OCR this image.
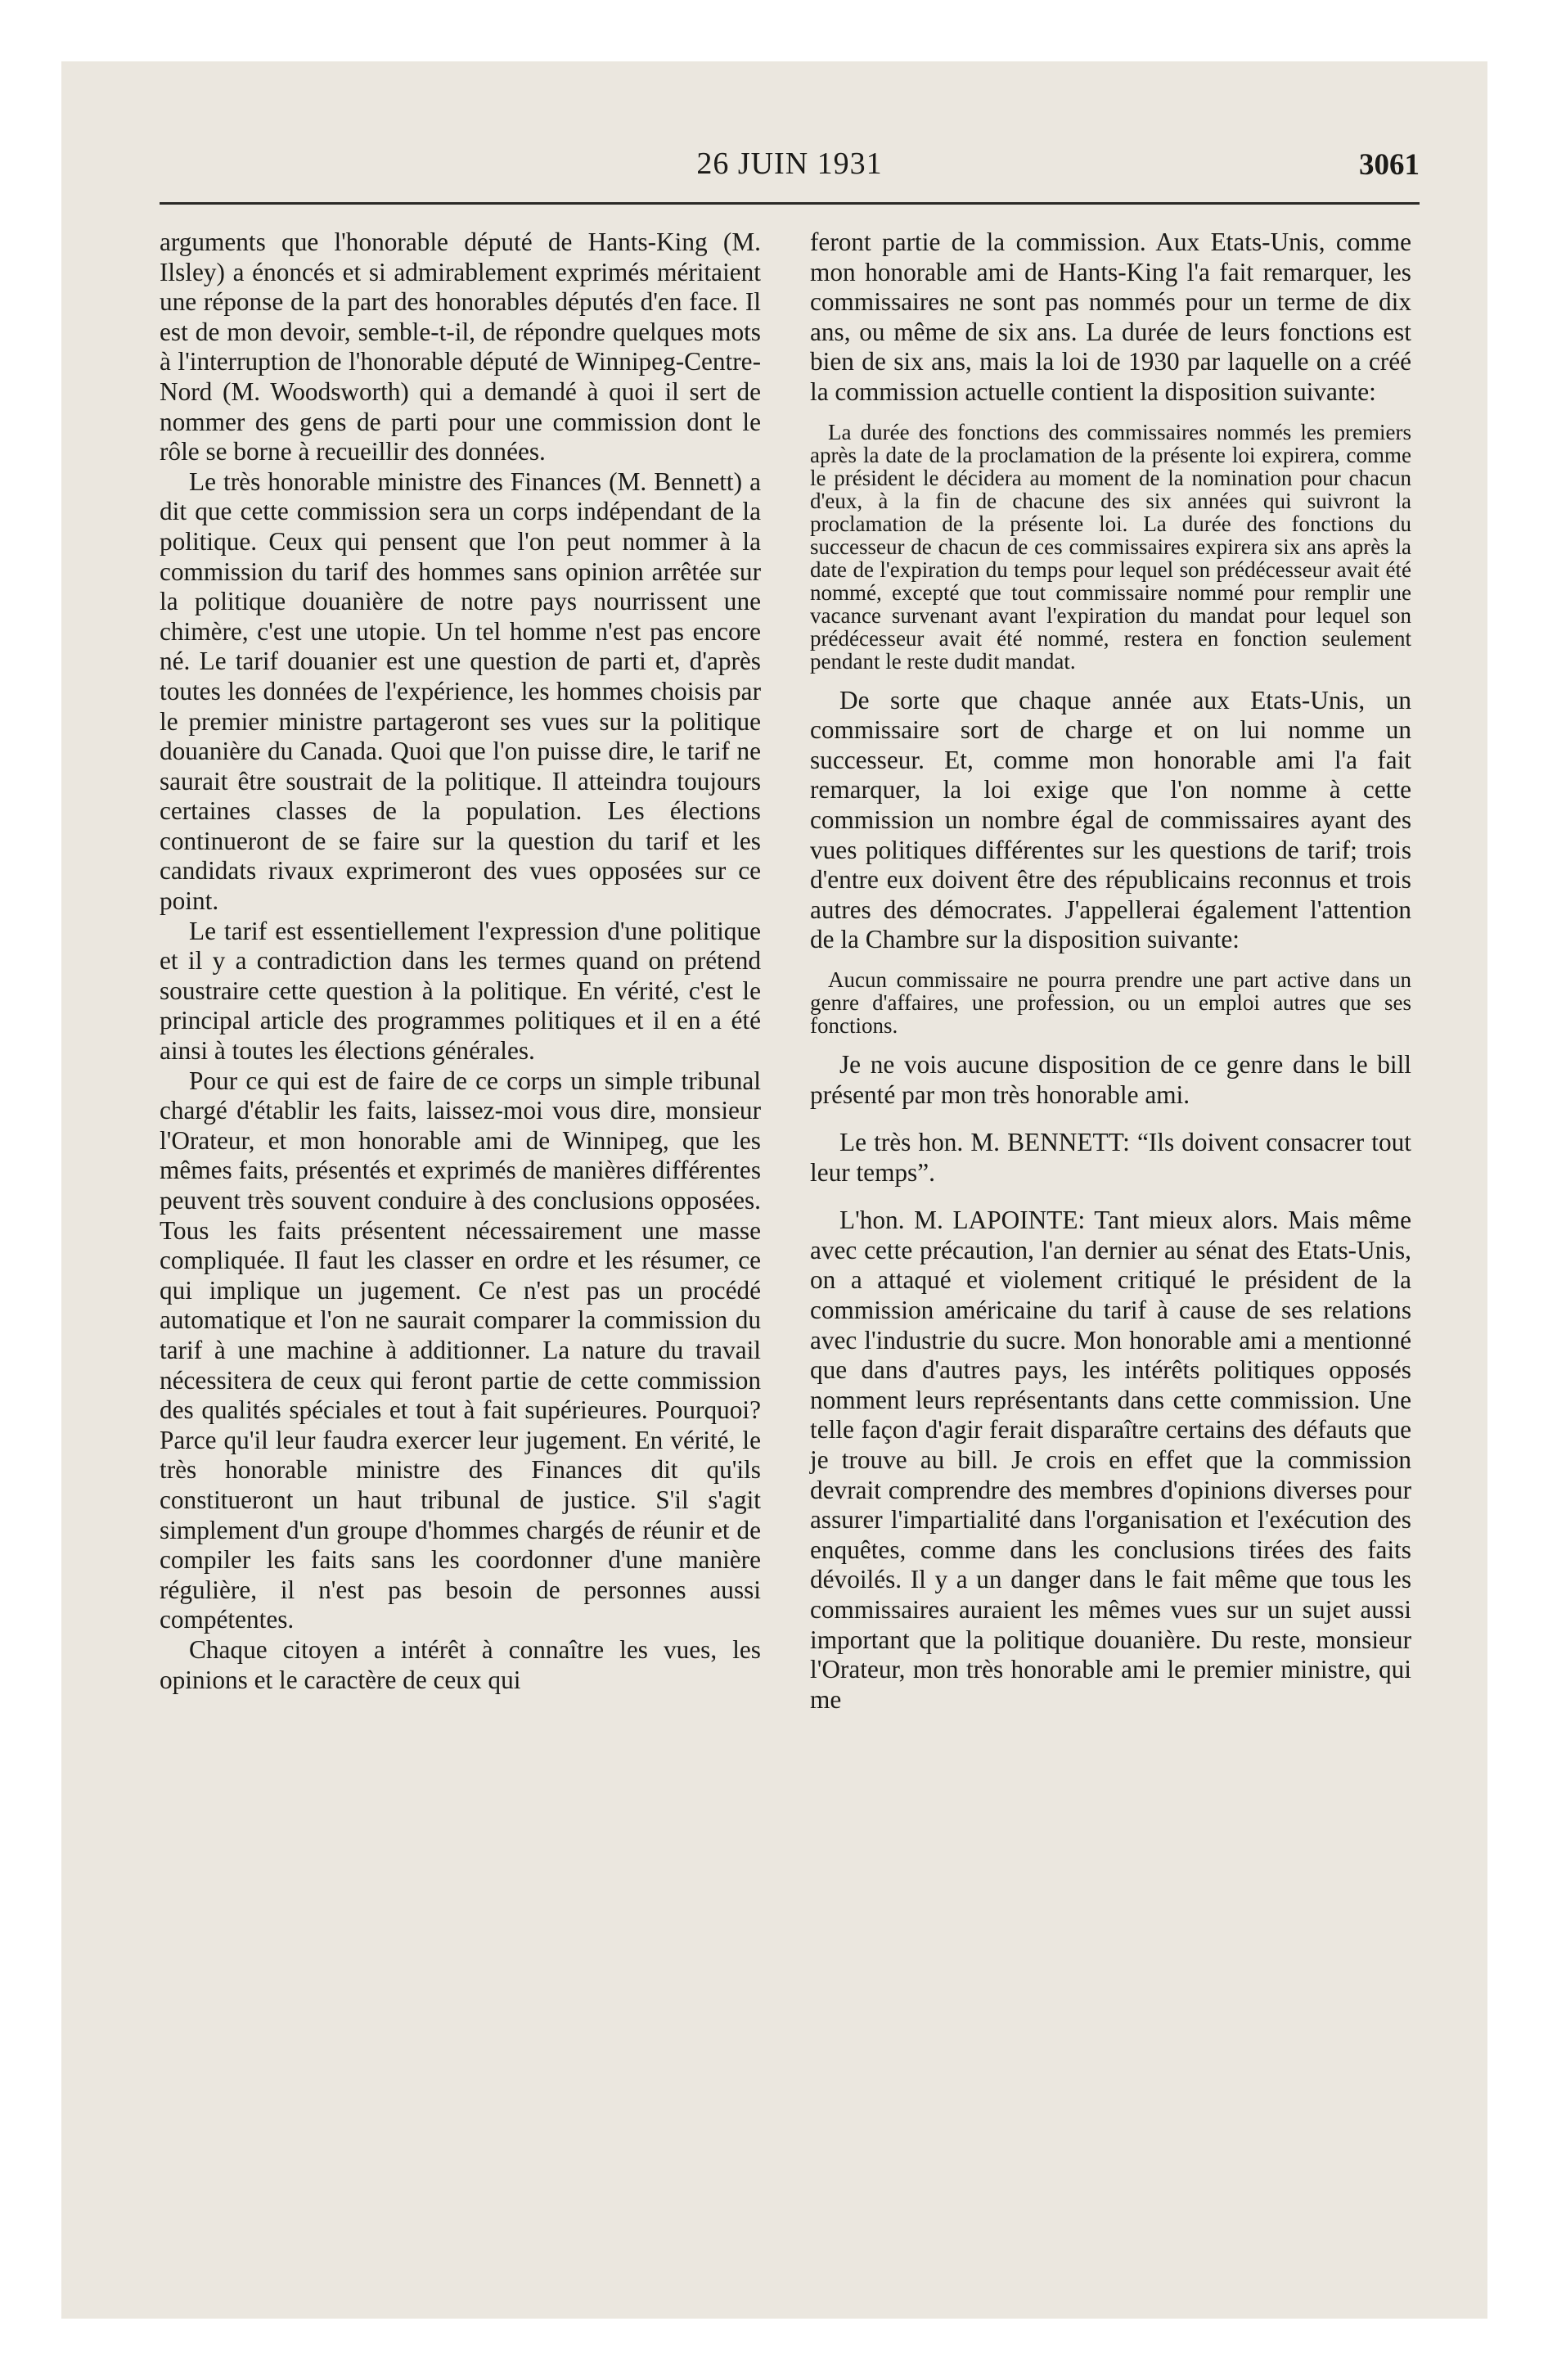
26 JUIN 1931	3061

arguments que l'honorable député de Hants-King (M. Ilsley) a énoncés et si admirablement exprimés méritaient une réponse de la part des honorables députés d'en face. Il est de mon devoir, semble-t-il, de répondre quelques mots à l'interruption de l'honorable député de Winnipeg-Centre-Nord (M. Woodsworth) qui a demandé à quoi il sert de nommer des gens de parti pour une commission dont le rôle se borne à recueillir des données.

Le très honorable ministre des Finances (M. Bennett) a dit que cette commission sera un corps indépendant de la politique. Ceux qui pensent que l'on peut nommer à la commission du tarif des hommes sans opinion arrêtée sur la politique douanière de notre pays nourrissent une chimère, c'est une utopie. Un tel homme n'est pas encore né. Le tarif douanier est une question de parti et, d'après toutes les données de l'expérience, les hommes choisis par le premier ministre partageront ses vues sur la politique douanière du Canada. Quoi que l'on puisse dire, le tarif ne saurait être soustrait de la politique. Il atteindra toujours certaines classes de la population. Les élections continueront de se faire sur la question du tarif et les candidats rivaux exprimeront des vues opposées sur ce point.

Le tarif est essentiellement l'expression d'une politique et il y a contradiction dans les termes quand on prétend soustraire cette question à la politique. En vérité, c'est le principal article des programmes politiques et il en a été ainsi à toutes les élections générales.

Pour ce qui est de faire de ce corps un simple tribunal chargé d'établir les faits, laissez-moi vous dire, monsieur l'Orateur, et mon honorable ami de Winnipeg, que les mêmes faits, présentés et exprimés de manières différentes peuvent très souvent conduire à des conclusions opposées. Tous les faits présentent nécessairement une masse compliquée. Il faut les classer en ordre et les résumer, ce qui implique un jugement. Ce n'est pas un procédé automatique et l'on ne saurait comparer la commission du tarif à une machine à additionner. La nature du travail nécessitera de ceux qui feront partie de cette commission des qualités spéciales et tout à fait supérieures. Pourquoi? Parce qu'il leur faudra exercer leur jugement. En vérité, le très honorable ministre des Finances dit qu'ils constitueront un haut tribunal de justice. S'il s'agit simplement d'un groupe d'hommes chargés de réunir et de compiler les faits sans les coordonner d'une manière régulière, il n'est pas besoin de personnes aussi compétentes.

Chaque citoyen a intérêt à connaître les vues, les opinions et le caractère de ceux qui

feront partie de la commission. Aux Etats-Unis, comme mon honorable ami de Hants-King l'a fait remarquer, les commissaires ne sont pas nommés pour un terme de dix ans, ou même de six ans. La durée de leurs fonctions est bien de six ans, mais la loi de 1930 par laquelle on a créé la commission actuelle contient la disposition suivante:

La durée des fonctions des commissaires nommés les premiers après la date de la proclamation de la présente loi expirera, comme le président le décidera au moment de la nomination pour chacun d'eux, à la fin de chacune des six années qui suivront la proclamation de la présente loi. La durée des fonctions du successeur de chacun de ces commissaires expirera six ans après la date de l'expiration du temps pour lequel son prédécesseur avait été nommé, excepté que tout commissaire nommé pour remplir une vacance survenant avant l'expiration du mandat pour lequel son prédécesseur avait été nommé, restera en fonction seulement pendant le reste dudit mandat.

De sorte que chaque année aux Etats-Unis, un commissaire sort de charge et on lui nomme un successeur. Et, comme mon honorable ami l'a fait remarquer, la loi exige que l'on nomme à cette commission un nombre égal de commissaires ayant des vues politiques différentes sur les questions de tarif; trois d'entre eux doivent être des républicains reconnus et trois autres des démocrates. J'appellerai également l'attention de la Chambre sur la disposition suivante:

Aucun commissaire ne pourra prendre une part active dans un genre d'affaires, une profession, ou un emploi autres que ses fonctions.

Je ne vois aucune disposition de ce genre dans le bill présenté par mon très honorable ami.

Le très hon. M. BENNETT: “Ils doivent consacrer tout leur temps”.

L'hon. M. LAPOINTE: Tant mieux alors. Mais même avec cette précaution, l'an dernier au sénat des Etats-Unis, on a attaqué et violement critiqué le président de la commission américaine du tarif à cause de ses relations avec l'industrie du sucre. Mon honorable ami a mentionné que dans d'autres pays, les intérêts politiques opposés nomment leurs représentants dans cette commission. Une telle façon d'agir ferait disparaître certains des défauts que je trouve au bill. Je crois en effet que la commission devrait comprendre des membres d'opinions diverses pour assurer l'impartialité dans l'organisation et l'exécution des enquêtes, comme dans les conclusions tirées des faits dévoilés. Il y a un danger dans le fait même que tous les commissaires auraient les mêmes vues sur un sujet aussi important que la politique douanière. Du reste, monsieur l'Orateur, mon très honorable ami le premier ministre, qui me
